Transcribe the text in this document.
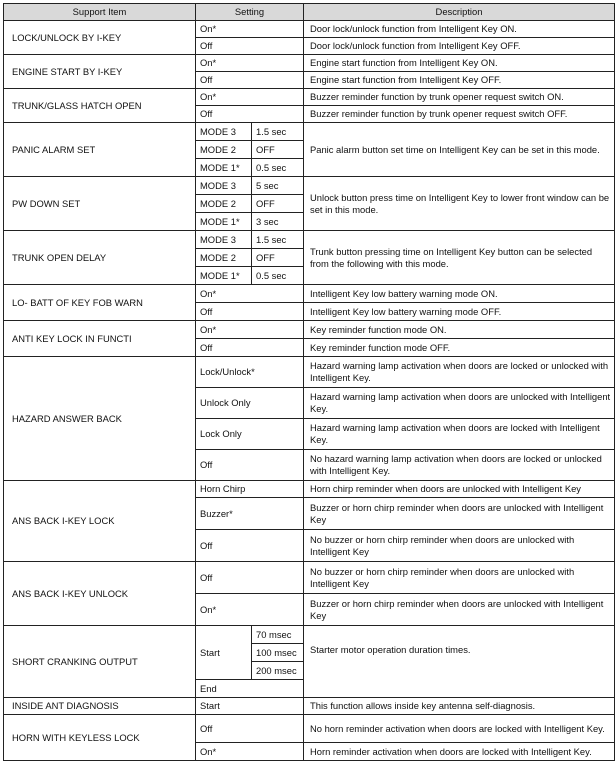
Support Item	Setting		Description
LOCK/UNLOCK BY I-KEY	On*		Door lock/unlock function from Intelligent Key ON.
	Off		Door lock/unlock function from Intelligent Key OFF.
ENGINE START BY I-KEY	On*		Engine start function from Intelligent Key ON.
	Off		Engine start function from Intelligent Key OFF.
TRUNK/GLASS HATCH OPEN	On*		Buzzer reminder function by trunk opener request switch ON.
	Off		Buzzer reminder function by trunk opener request switch OFF.
PANIC ALARM SET	MODE 3	1.5 sec	Panic alarm button set time on Intelligent Key can be set in this mode.
	MODE 2	OFF	
	MODE 1*	0.5 sec	
PW DOWN SET	MODE 3	5 sec	Unlock button press time on Intelligent Key to lower front window can be set in this mode.
	MODE 2	OFF	
	MODE 1*	3 sec	
TRUNK OPEN DELAY	MODE 3	1.5 sec	Trunk button pressing time on Intelligent Key button can be selected from the following with this mode.
	MODE 2	OFF	
	MODE 1*	0.5 sec	
LO- BATT OF KEY FOB WARN	On*		Intelligent Key low battery warning mode ON.
	Off		Intelligent Key low battery warning mode OFF.
ANTI KEY LOCK IN FUNCTI	On*		Key reminder function mode ON.
	Off		Key reminder function mode OFF.
HAZARD ANSWER BACK	Lock/Unlock*		Hazard warning lamp activation when doors are locked or unlocked with Intelligent Key.
	Unlock Only		Hazard warning lamp activation when doors are unlocked with Intelligent Key.
	Lock Only		Hazard warning lamp activation when doors are locked with Intelligent Key.
	Off		No hazard warning lamp activation when doors are locked or unlocked with Intelligent Key.
ANS BACK I-KEY LOCK	Horn Chirp		Horn chirp reminder when doors are unlocked with Intelligent Key
	Buzzer*		Buzzer or horn chirp reminder when doors are unlocked with Intelligent Key
	Off		No buzzer or horn chirp reminder when doors are unlocked with Intelligent Key
ANS BACK I-KEY UNLOCK	Off		No buzzer or horn chirp reminder when doors are unlocked with Intelligent Key
	On*		Buzzer or horn chirp reminder when doors are unlocked with Intelligent Key
SHORT CRANKING OUTPUT	Start	70 msec	Starter motor operation duration times.
		100 msec	
		200 msec	
	End		
INSIDE ANT DIAGNOSIS	Start		This function allows inside key antenna self-diagnosis.
HORN WITH KEYLESS LOCK	Off		No horn reminder activation when doors are locked with Intelligent Key.
	On*		Horn reminder activation when doors are locked with Intelligent Key.
